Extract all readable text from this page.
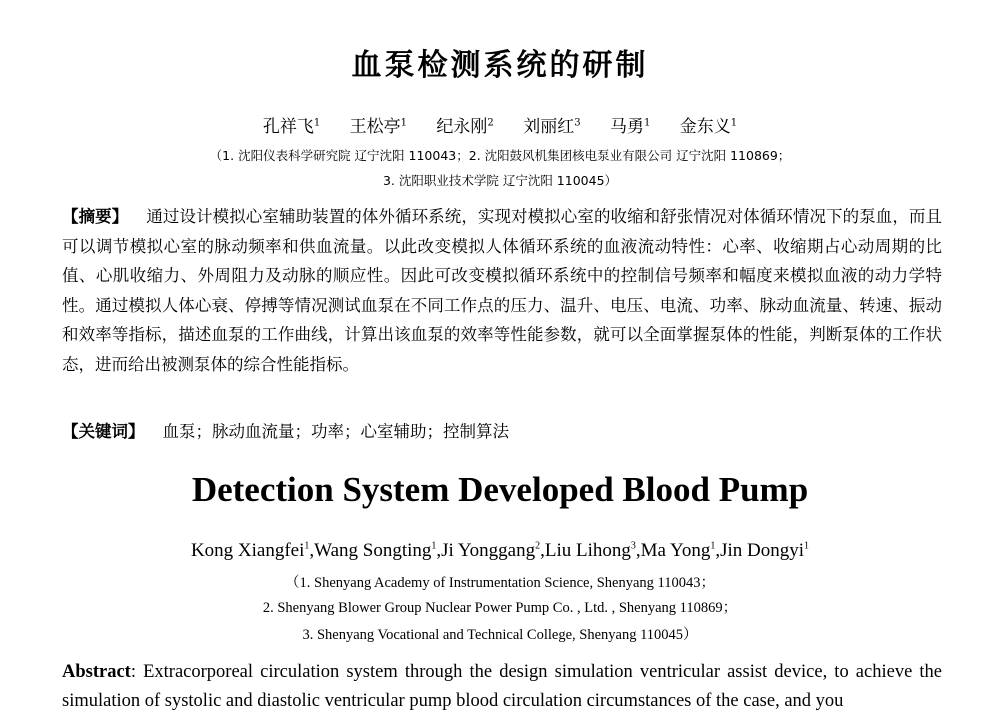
血泵检测系统的研制
孔祥飞$^1$ 王松亭$^1$ 纪永刚$^2$ 刘丽红$^3$ 马勇$^1$ 金东义$^1$
（1. 沈阳仪表科学研究院 辽宁沈阳 110043；2. 沈阳鼓风机集团核电泵业有限公司 辽宁沈阳 110869；
3. 沈阳职业技术学院 辽宁沈阳 110045）

【摘要】 通过设计模拟心室辅助装置的体外循环系统，实现对模拟心室的收缩和舒张情况对体循环情况下的泵血，而且可以调节模拟心室的脉动频率和供血流量。以此改变模拟人体循环系统的血液流动特性：心率、收缩期占心动周期的比值、心肌收缩力、外周阻力及动脉的顺应性。因此可改变模拟循环系统中的控制信号频率和幅度来模拟血液的动力学特性。通过模拟人体心衰、停搏等情况测试血泵在不同工作点的压力、温升、电压、电流、功率、脉动血流量、转速、振动和效率等指标，描述血泵的工作曲线，计算出该血泵的效率等性能参数，就可以全面掌握泵体的性能，判断泵体的工作状态，进而给出被测泵体的综合性能指标。

【关键词】 血泵；脉动血流量；功率；心室辅助；控制算法

Detection System Developed Blood Pump
Kong Xiangfei$^1$,Wang Songting$^1$,Ji Yonggang$^2$,Liu Lihong$^3$,Ma Yong$^1$,Jin Dongyi$^1$
（1. Shenyang Academy of Instrumentation Science, Shenyang 110043；
2. Shenyang Blower Group Nuclear Power Pump Co. , Ltd. , Shenyang 110869；
3. Shenyang Vocational and Technical College, Shenyang 110045）

Abstract: Extracorporeal circulation system through the design simulation ventricular assist device, to achieve the simulation of systolic and diastolic ventricular pump blood circulation circumstances of the case, and you
